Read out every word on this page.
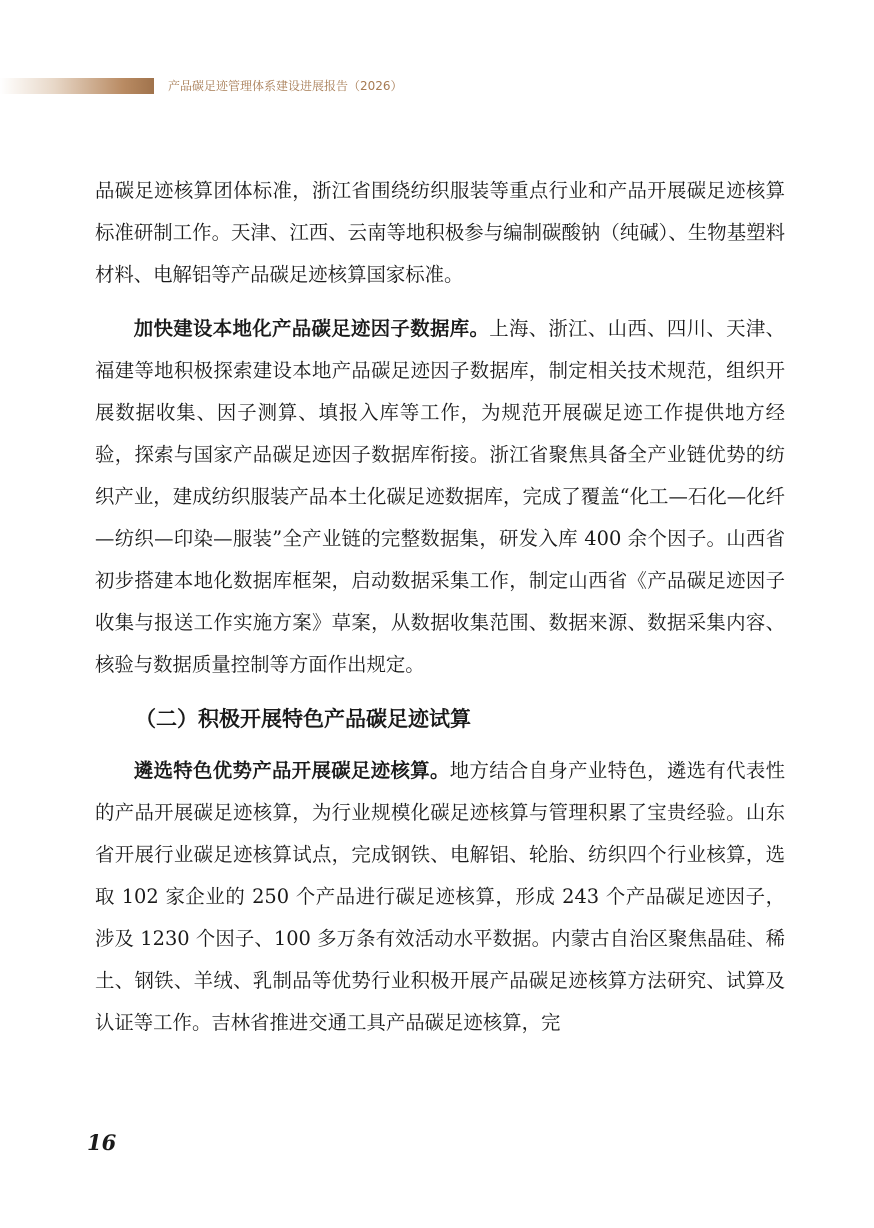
产品碳足迹管理体系建设进展报告（2026）

品碳足迹核算团体标准，浙江省围绕纺织服装等重点行业和产品开展碳足迹核算标准研制工作。天津、江西、云南等地积极参与编制碳酸钠（纯碱）、生物基塑料材料、电解铝等产品碳足迹核算国家标准。

加快建设本地化产品碳足迹因子数据库。上海、浙江、山西、四川、天津、福建等地积极探索建设本地产品碳足迹因子数据库，制定相关技术规范，组织开展数据收集、因子测算、填报入库等工作，为规范开展碳足迹工作提供地方经验，探索与国家产品碳足迹因子数据库衔接。浙江省聚焦具备全产业链优势的纺织产业，建成纺织服装产品本土化碳足迹数据库，完成了覆盖“化工—石化—化纤—纺织—印染—服装”全产业链的完整数据集，研发入库 400 余个因子。山西省初步搭建本地化数据库框架，启动数据采集工作，制定山西省《产品碳足迹因子收集与报送工作实施方案》草案，从数据收集范围、数据来源、数据采集内容、核验与数据质量控制等方面作出规定。

（二）积极开展特色产品碳足迹试算

遴选特色优势产品开展碳足迹核算。地方结合自身产业特色，遴选有代表性的产品开展碳足迹核算，为行业规模化碳足迹核算与管理积累了宝贵经验。山东省开展行业碳足迹核算试点，完成钢铁、电解铝、轮胎、纺织四个行业核算，选取 102 家企业的 250 个产品进行碳足迹核算，形成 243 个产品碳足迹因子，涉及 1230 个因子、100 多万条有效活动水平数据。内蒙古自治区聚焦晶硅、稀土、钢铁、羊绒、乳制品等优势行业积极开展产品碳足迹核算方法研究、试算及认证等工作。吉林省推进交通工具产品碳足迹核算，完

16
